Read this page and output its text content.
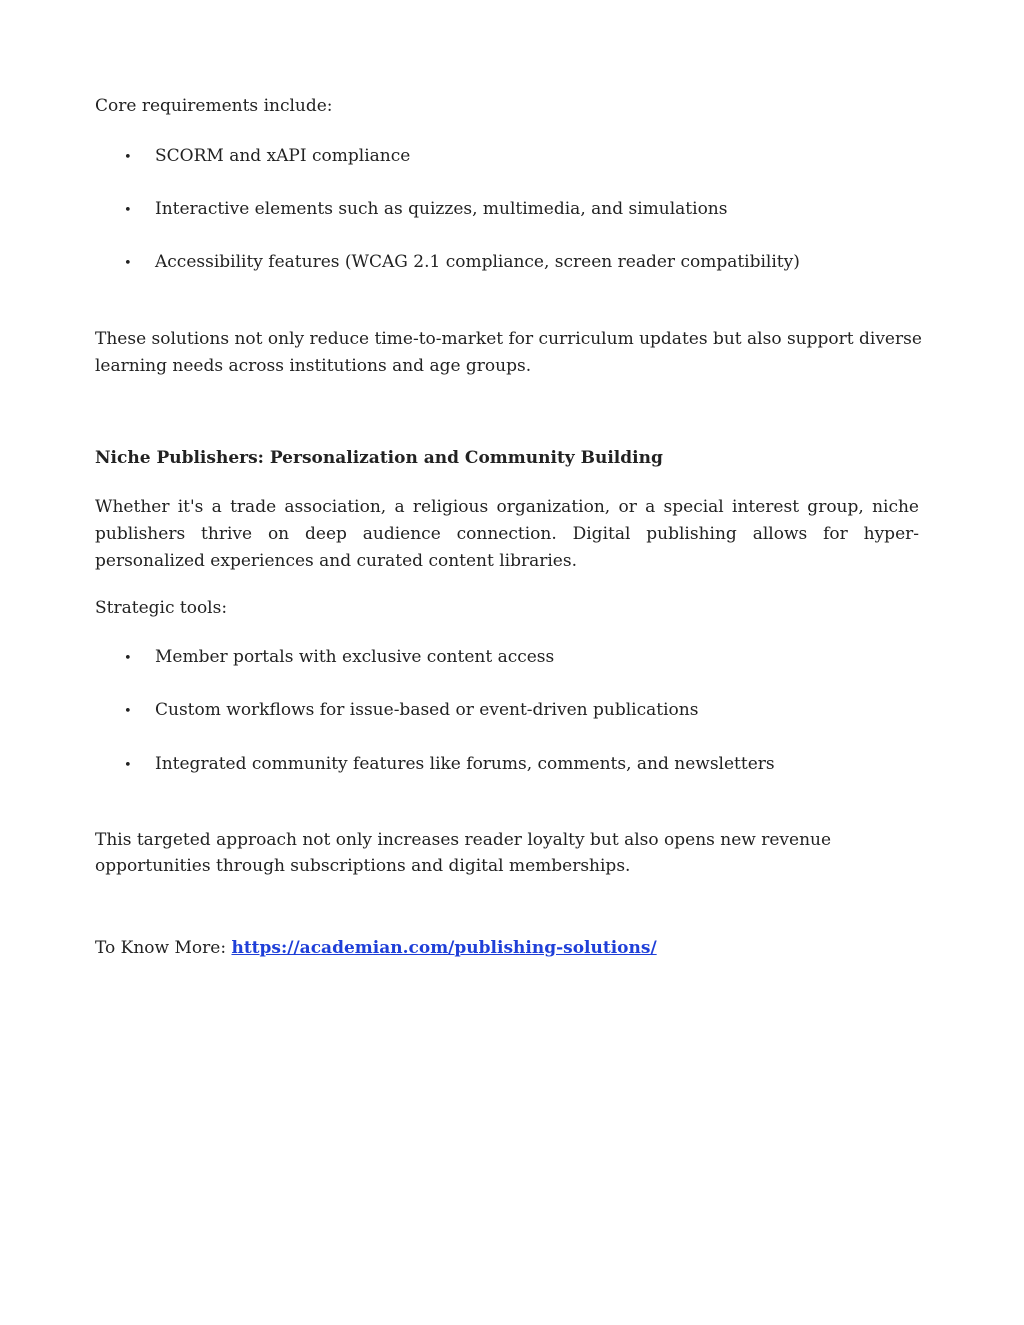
Core requirements include:

• SCORM and xAPI compliance

• Interactive elements such as quizzes, multimedia, and simulations

• Accessibility features (WCAG 2.1 compliance, screen reader compatibility)

These solutions not only reduce time-to-market for curriculum updates but also support diverse

learning needs across institutions and age groups.

Niche Publishers: Personalization and Community Building

Whether it's a trade association, a religious organization, or a special interest group, niche publishers thrive on deep audience connection. Digital publishing allows for hyper-personalized experiences and curated content libraries.

Strategic tools:

• Member portals with exclusive content access

• Custom workflows for issue-based or event-driven publications

• Integrated community features like forums, comments, and newsletters

This targeted approach not only increases reader loyalty but also opens new revenue

opportunities through subscriptions and digital memberships.

To Know More: https://academian.com/publishing-solutions/
